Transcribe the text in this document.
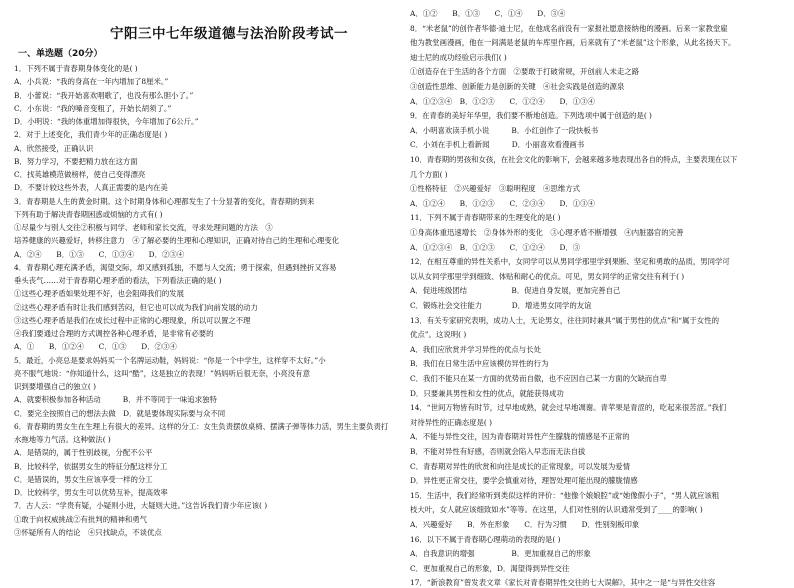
宁阳三中七年级道德与法治阶段考试一
一、单选题（20分）
1．下列不属于青春期身体变化的是( )
A．小兵说：“我的身高在一年内增加了8厘米。”
B．小蕾说：“我开始喜欢唱歌了，也没有那么胆小了。”
C．小东说：“我的嗓音变粗了，开始长胡须了。”
D．小明说：“我的体重增加得很快，今年增加了6公斤。”
2．对于上述变化，我们青少年的正确态度是( )
A．欣然接受，正确认识
B．努力学习，不要把精力放在这方面
C．找英雄模范做榜样，使自己变得漂亮
D．不要计较这些外表，人真正需要的是内在美
3．青春期是人生的黄金时期。这个时期身体和心理都发生了十分显著的变化，青春期的到来
下列有助于解决青春期困惑或烦恼的方式有( )
①尽量少与别人交往②积极与同学、老师和家长交流，寻求处理问题的方法　③
培养健康的兴趣爱好，转移注意力　④了解必要的生理和心理知识，正确对待自己的生理和心理变化
A．②④　　B．①③　　C．①③④　　D．②③④
4．青春期心理充满矛盾，渴望交际，却又感到孤独，不愿与人交流；勇于探索，但遇到挫折又容易
垂头丧气……对于青春期心理矛盾的看法，下列看法正确的是( )
①这些心理矛盾如果处理不好，也会阻碍我们的发展
②这些心理矛盾有时让我们感到苦闷，但它也可以成为我们向前发展的动力
③这些心理矛盾是我们在成长过程中正常的心理现象，所以可以置之不理
④我们要通过合理的方式调控各种心理矛盾，是非常有必要的
A．①　　B．①②④　　C．①③　　D．②③④
5．最近，小亮总是要求妈妈买一个名牌运动鞋，妈妈说：“你是一个中学生，这样穿不太好。”小
亮不服气地说：“你知道什么，这叫“酷”，这是独立的表现！”妈妈听后很无奈，小亮没有意
识到要增强自己的独立( )
A．就要积极参加各种活动　　　B．并不等同于一味追求独特
C．要完全按照自己的想法去做　D．就是要体现实际要与众不同
6．青春期的男女生在生理上有很大的差异。这样的分工：女生负责摆放桌椅、摆满子弹等体力活，男生主要负责打
水拖地等力气活。这种做法( )
A．是错误的，属于性别歧视，分配不公平
B．比较科学，依据男女生的特征分配这样分工
C．是错误的，男女生应该享受一样的分工
D．比较科学，男女生可以优势互补，提高效率
7．古人云：“学贵有疑，小疑则小进，大疑则大进。”这告诉我们青少年应该( )
①敢于向权威挑战②有批判的精神和勇气
③怀疑所有人的结论　④只找缺点，不谈优点
A．①②　　B．①③　　C．①④　　D．③④
8．“米老鼠”的创作者华德·迪士尼，在他成名前没有一家报社愿意接纳他的漫画。后来一家教堂雇
他为教堂画漫画，他在一间满是老鼠的车库里作画，后来就有了“米老鼠”这个形象，从此名扬天下。
迪士尼的成功经验启示我们( )
①创造存在于生活的各个方面　②要敢于打破常规，开创前人未走之路
③创造性思维、创新能力是创新的关键　④社会实践是创造的源泉
A．①②③④　B．①②③　　C．①②④　　D．①③④
9．在青春的美好年华里，我们要不断地创造。下列选项中属于创造的是( )
A．小明喜欢读手机小说　　　B．小红创作了一段快板书
C．小刘在手机上看新闻　　　D．小丽喜欢看漫画书
10．青春期的男孩和女孩，在社会文化的影响下，会越来越多地表现出各自的特点，主要表现在以下
几个方面( )
①性格特征　②兴趣爱好　③聪明程度　④思维方式
A．①②④　　B．①②③　　C．②③④　　D．①③④
11．下列不属于青春期带来的生理变化的是( )
①身高体重迅速增长　②身体外形的变化　③心理矛盾不断增强　④内脏器官的完善
A．①②③④　B．①②③　　C．①②④　　D．③
12．在相互尊重的异性关系中，女同学可以从男同学那里学到果断、坚定和勇敢的品质，男同学可
以从女同学那里学到细致、体贴和耐心的优点。可见，男女同学的正常交往有利于( )
A．促进班级团结　　　　　　B．促进自身发展，更加完善自己
C．锻炼社会交往能力　　　　D．增进男女同学的友谊
13．有关专家研究表明，成功人士，无论男女，往往同时兼具“属于男性的优点”和“属于女性的
优点”。这说明( )
A．我们应欣赏并学习异性的优点与长处
B．我们在日常生活中应该模仿异性的行为
C．我们不能只在某一方面的优势而自傲，也不应因自己某一方面的欠缺而自卑
D．只要兼具男性和女性的优点，就能获得成功
14．“世间万物皆有时节，过早地成熟，就会过早地凋谢。青苹果是青涩的，吃起来很苦涩。”我们
对待异性的正确态度是( )
A．不能与异性交往，因为青春期对异性产生朦胧的情感是不正常的
B．不能对异性有好感，否则就会陷入早恋而无法自拔
C．青春期对异性的欣赏和向往是成长的正常现象，可以发展为爱情
D．异性更正常交往，要学会慎重对待，理智处理可能出现的朦胧情感
15．生活中，我们经常听到类似这样的评价：“他像个娘娘腔”或“她像假小子”，“男人就应该粗
枝大叶，女人就应该细致如水”等等。在这里，人们对性别的认识通常受到了____的影响( )
A．兴趣爱好　　B．外在形象　　C．行为习惯　　D．性别刻板印象
16．以下不属于青春期心理萌动的表现的是( )
A．自我意识的增强　　　　　B．更加重视自己的形象
C．更加重视自己的形象，D．渴望得到异性交往
17．“新浪教育”曾发表文章《家长对青春期异性交往的七大误解》，其中之一是“与异性交往容
